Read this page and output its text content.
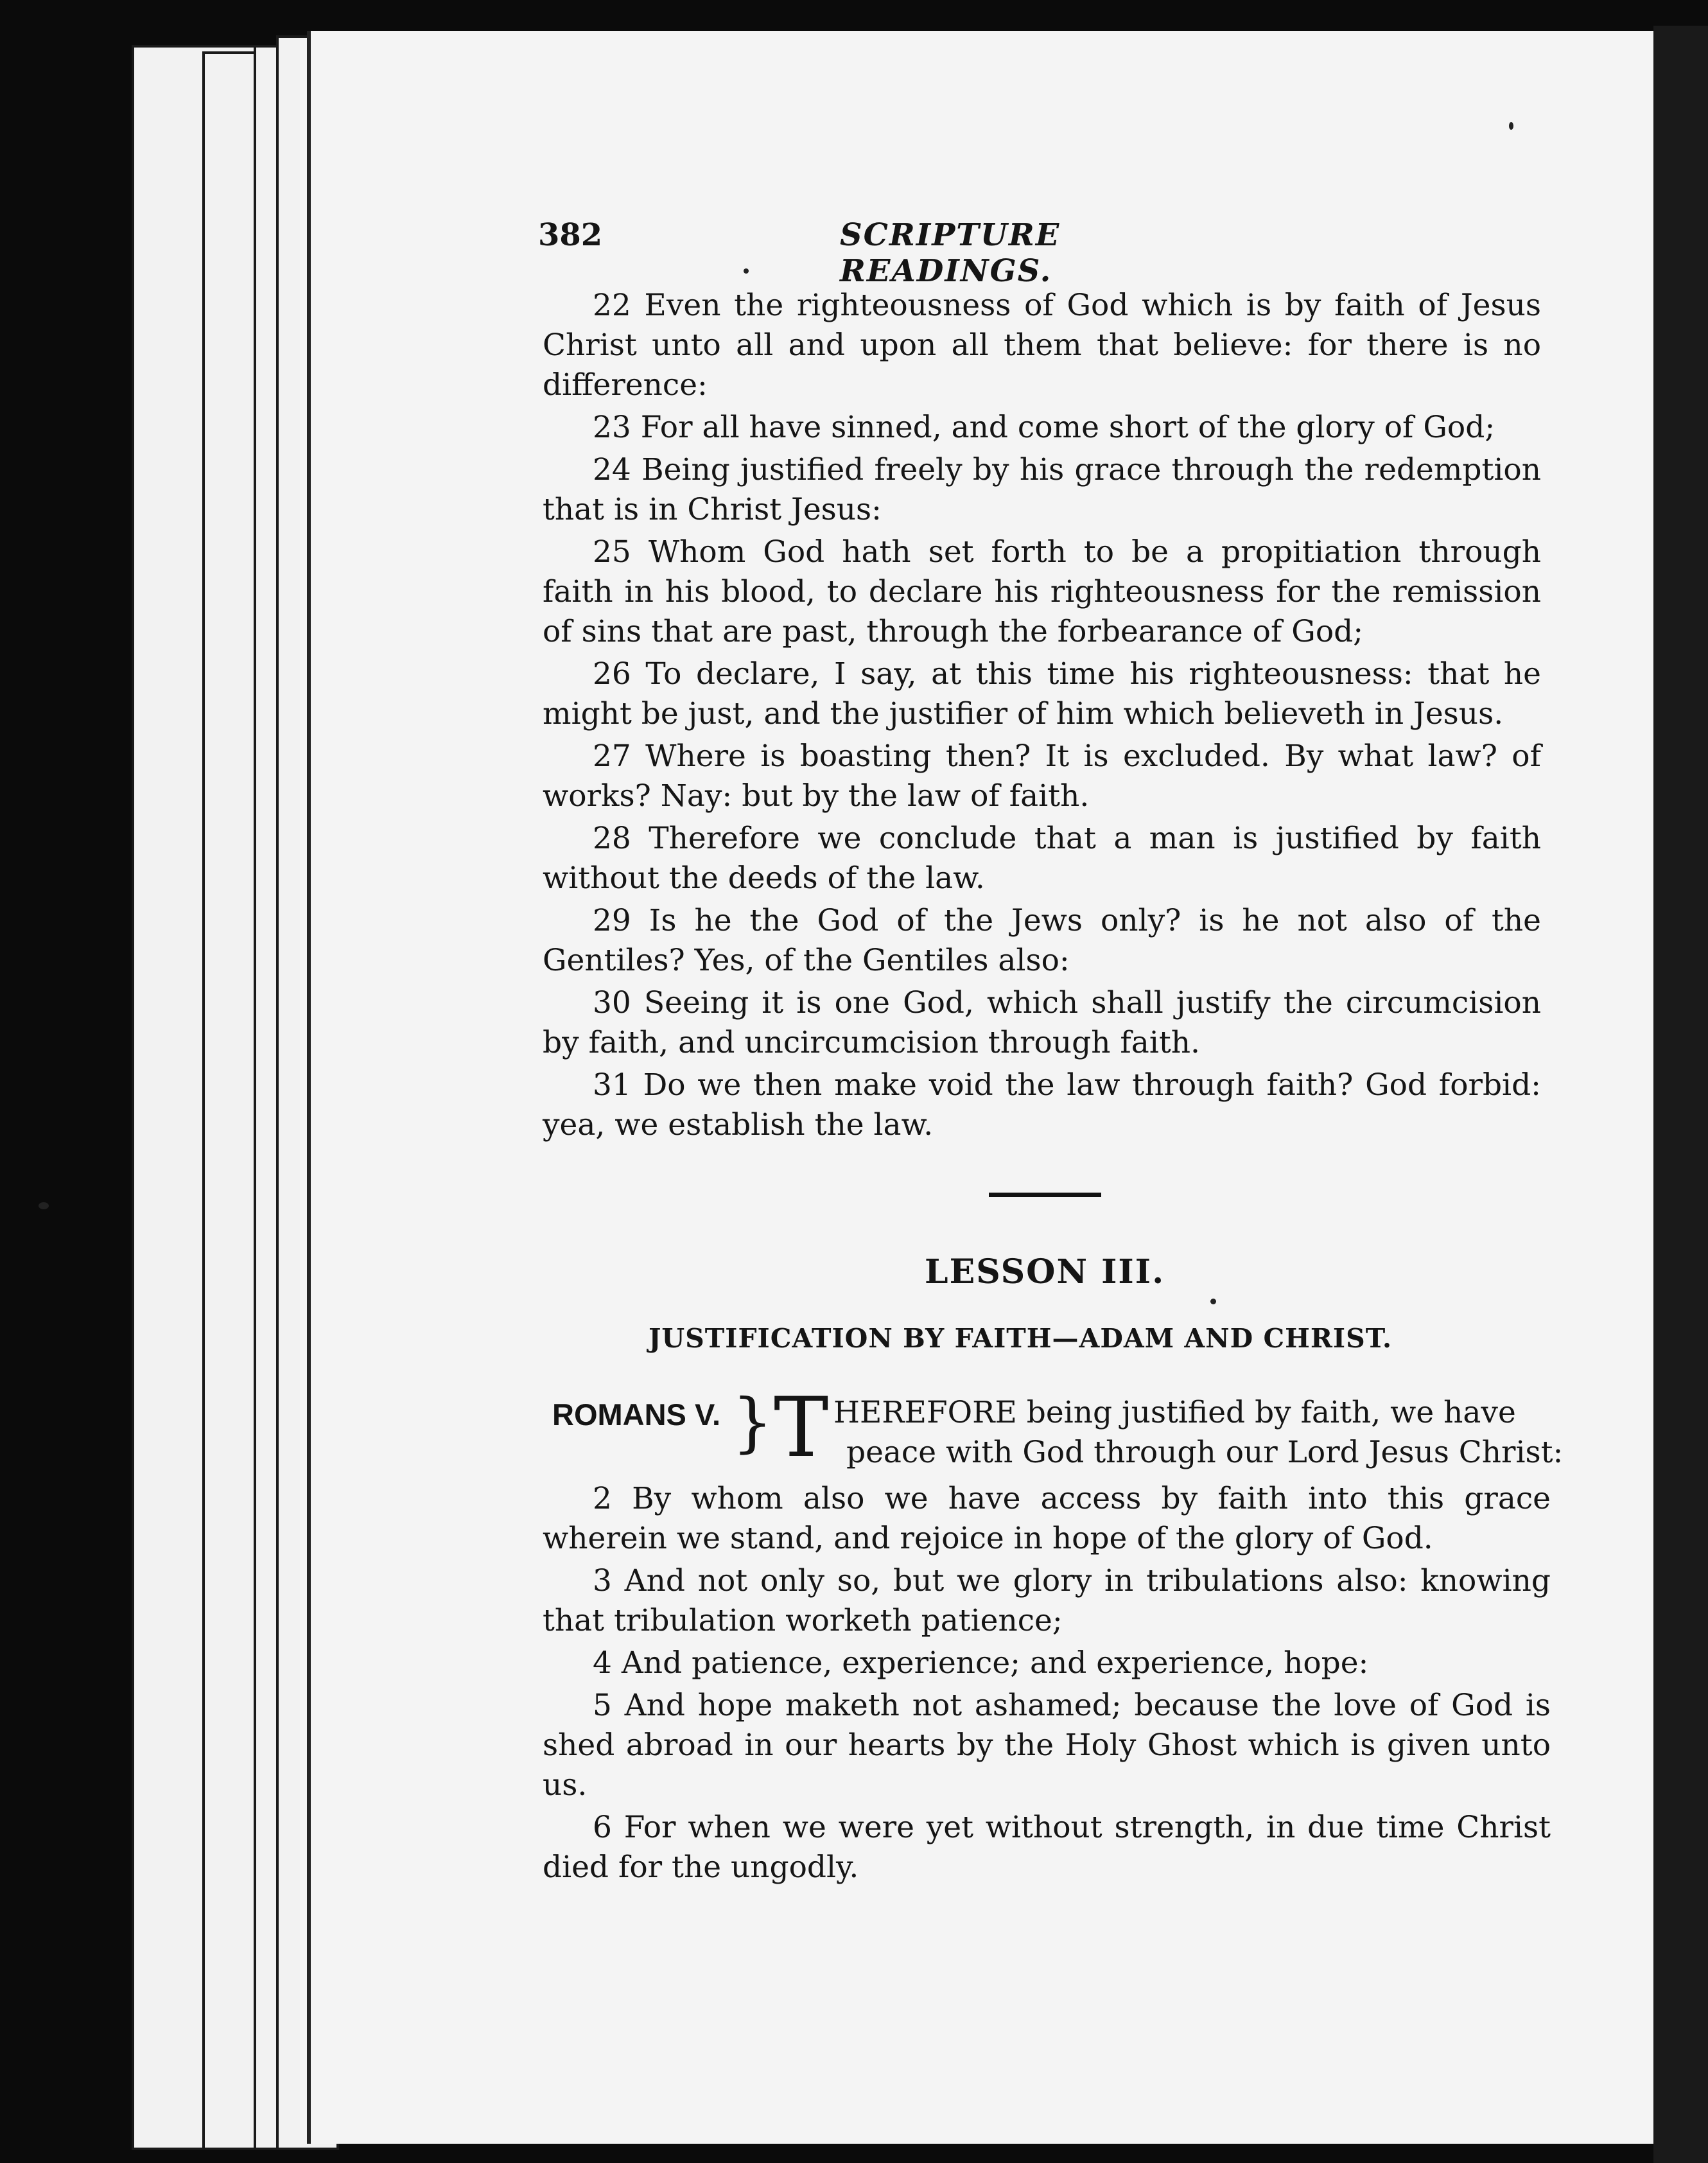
382	SCRIPTURE READINGS.
22 Even the righteousness of God which is by faith of Jesus Christ unto all and upon all them that believe: for there is no difference:
23 For all have sinned, and come short of the glory of God;
24 Being justified freely by his grace through the redemption that is in Christ Jesus:
25 Whom God hath set forth to be a propitiation through faith in his blood, to declare his righteousness for the remission of sins that are past, through the forbearance of God;
26 To declare, I say, at this time his righteousness: that he might be just, and the justifier of him which believeth in Jesus.
27 Where is boasting then? It is excluded. By what law? of works? Nay: but by the law of faith.
28 Therefore we conclude that a man is justified by faith without the deeds of the law.
29 Is he the God of the Jews only? is he not also of the Gentiles? Yes, of the Gentiles also:
30 Seeing it is one God, which shall justify the circumcision by faith, and uncircumcision through faith.
31 Do we then make void the law through faith? God forbid: yea, we establish the law.
LESSON III.
JUSTIFICATION BY FAITH—ADAM AND CHRIST.
ROMANS V. } T HEREFORE being justified by faith, we have
peace with God through our Lord Jesus Christ:
2 By whom also we have access by faith into this grace wherein we stand, and rejoice in hope of the glory of God.
3 And not only so, but we glory in tribulations also: knowing that tribulation worketh patience;
4 And patience, experience; and experience, hope:
5 And hope maketh not ashamed; because the love of God is shed abroad in our hearts by the Holy Ghost which is given unto us.
6 For when we were yet without strength, in due time Christ died for the ungodly.
